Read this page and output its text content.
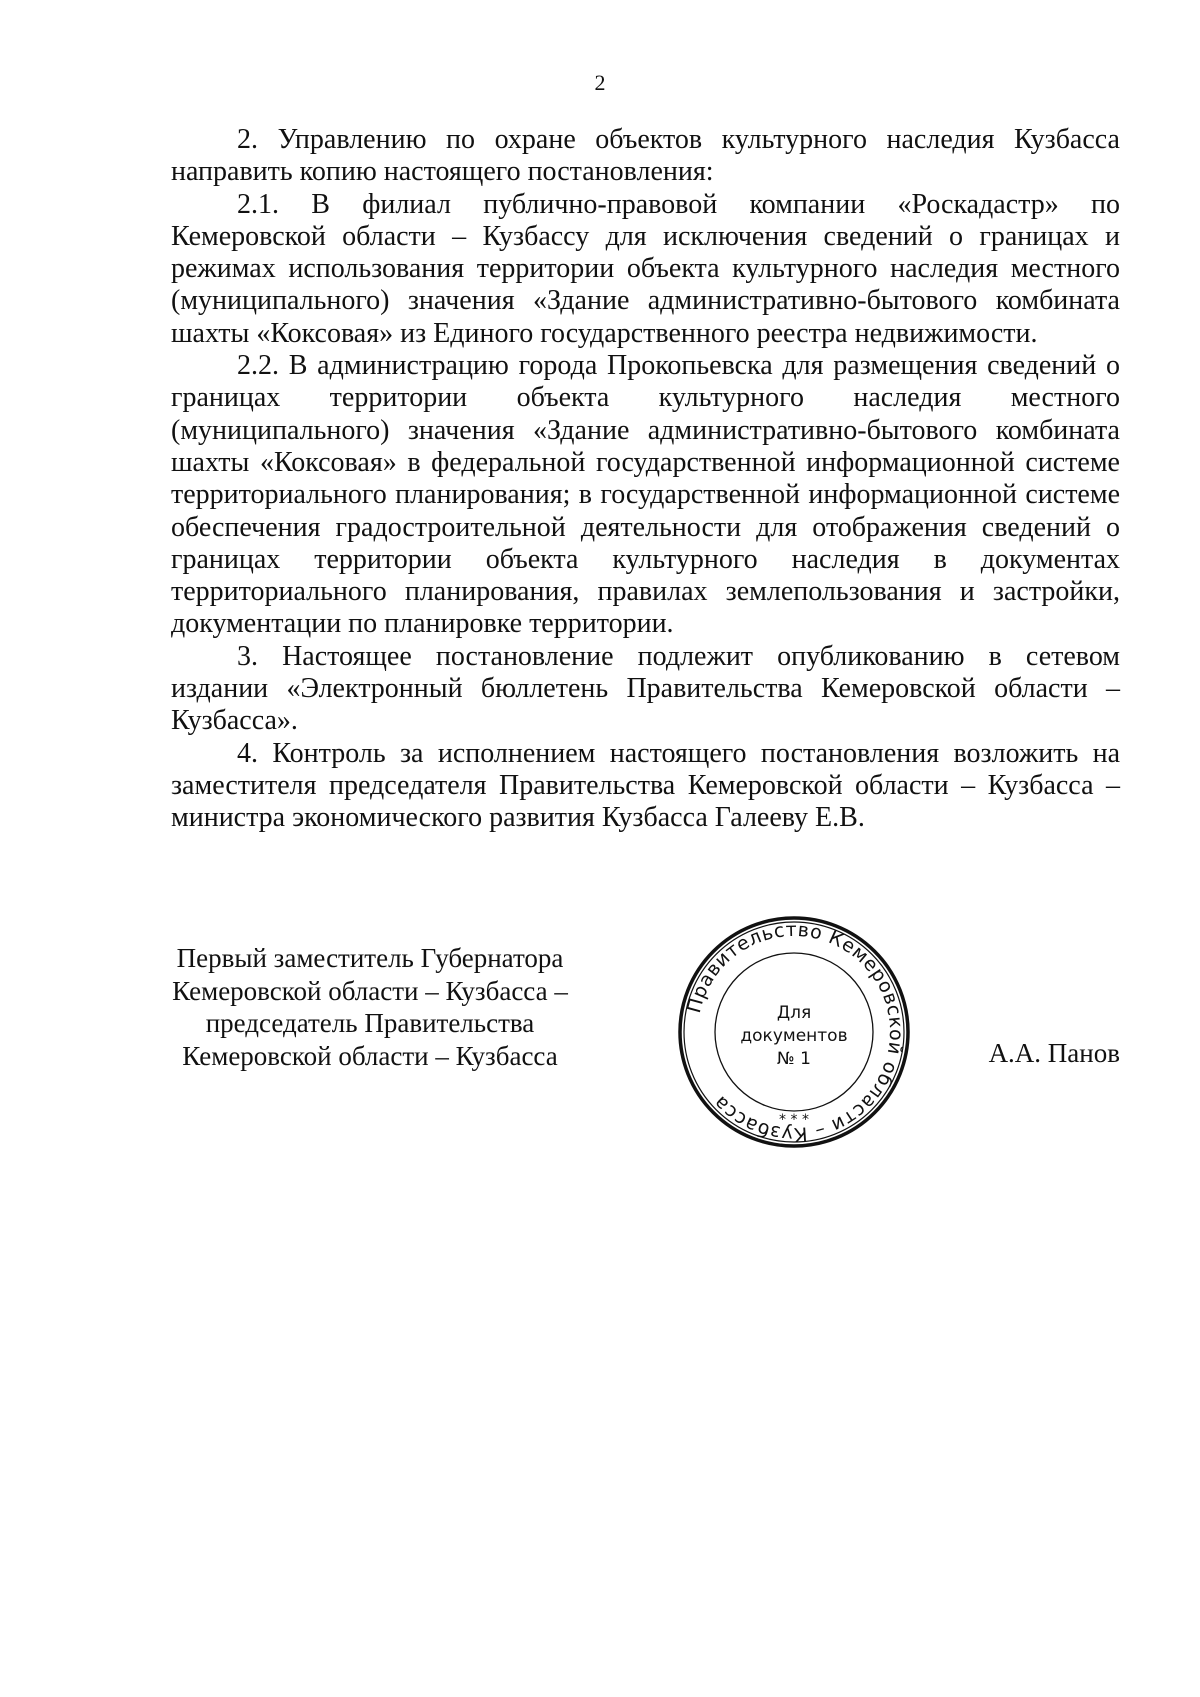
2

2. Управлению по охране объектов культурного наследия Кузбасса направить копию настоящего постановления:

2.1. В филиал публично-правовой компании «Роскадастр» по Кемеровской области – Кузбассу для исключения сведений о границах и режимах использования территории объекта культурного наследия местного (муниципального) значения «Здание административно-бытового комбината шахты «Коксовая» из Единого государственного реестра недвижимости.

2.2. В администрацию города Прокопьевска для размещения сведений о границах территории объекта культурного наследия местного (муниципального) значения «Здание административно-бытового комбината шахты «Коксовая» в федеральной государственной информационной системе территориального планирования; в государственной информационной системе обеспечения градостроительной деятельности для отображения сведений о границах территории объекта культурного наследия в документах территориального планирования, правилах землепользования и застройки, документации по планировке территории.

3. Настоящее постановление подлежит опубликованию в сетевом издании «Электронный бюллетень Правительства Кемеровской области – Кузбасса».

4. Контроль за исполнением настоящего постановления возложить на заместителя председателя Правительства Кемеровской области – Кузбасса – министра экономического развития Кузбасса Галееву Е.В.

Первый заместитель Губернатора
Кемеровской области – Кузбасса –
председатель Правительства
Кемеровской области – Кузбасса
Правительство Кемеровской области – Кузбасса
* * *
Для
документов
№ 1	А.А. Панов
